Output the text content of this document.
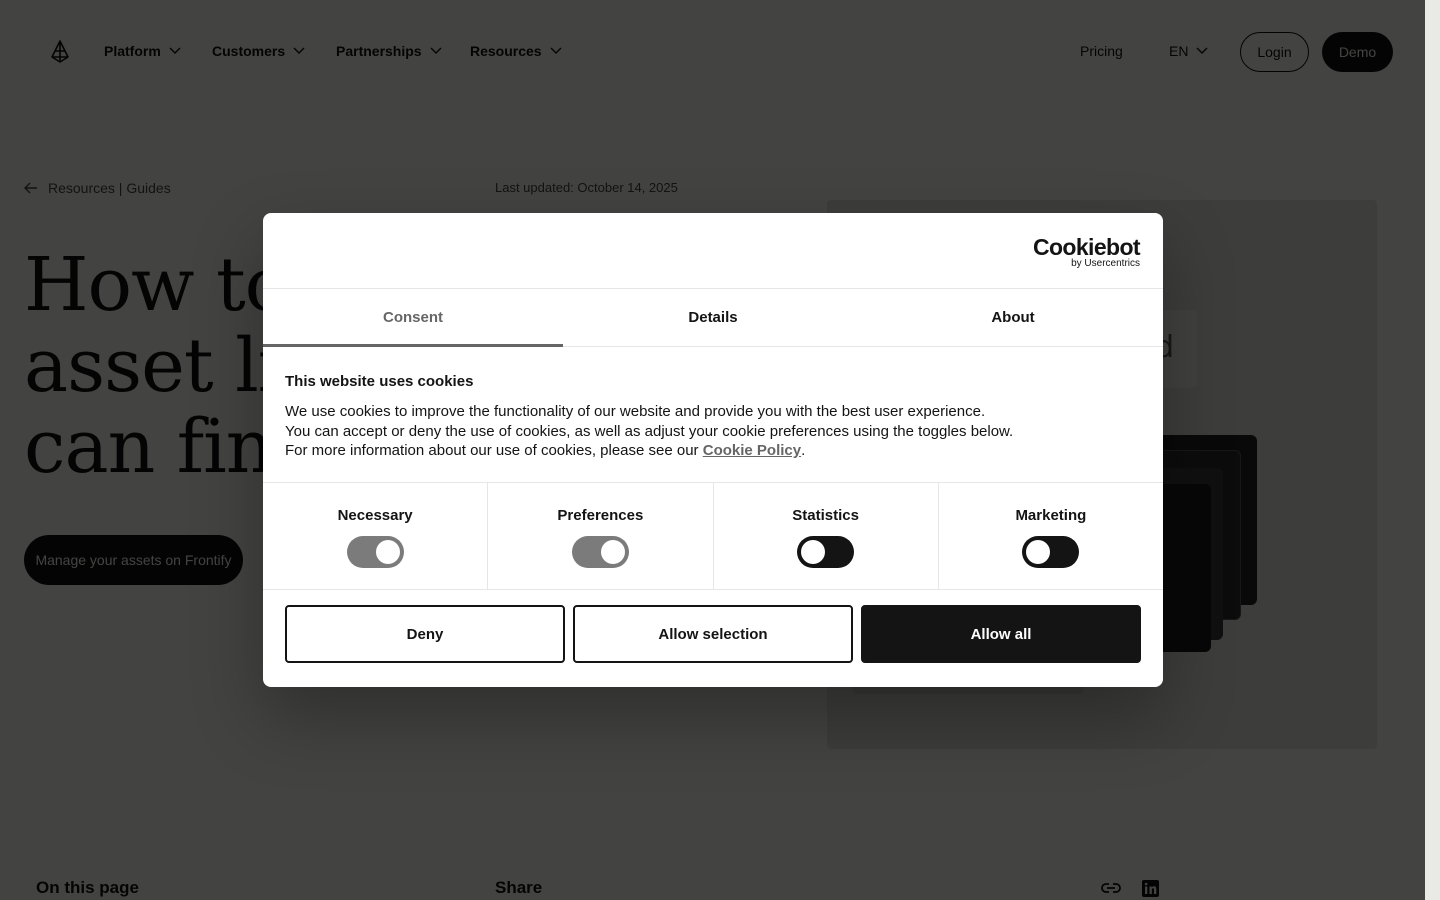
Cookiebot
by Usercentrics
Consent	Details	About
This website uses cookies

We use cookies to improve the functionality of our website and provide you with the best user experience.
You can accept or deny the use of cookies, as well as adjust your cookie preferences using the toggles below.
For more information about our use of cookies, please see our Cookie Policy.

Necessary	Preferences	Statistics	Marketing
Deny	Allow selection	Allow all
